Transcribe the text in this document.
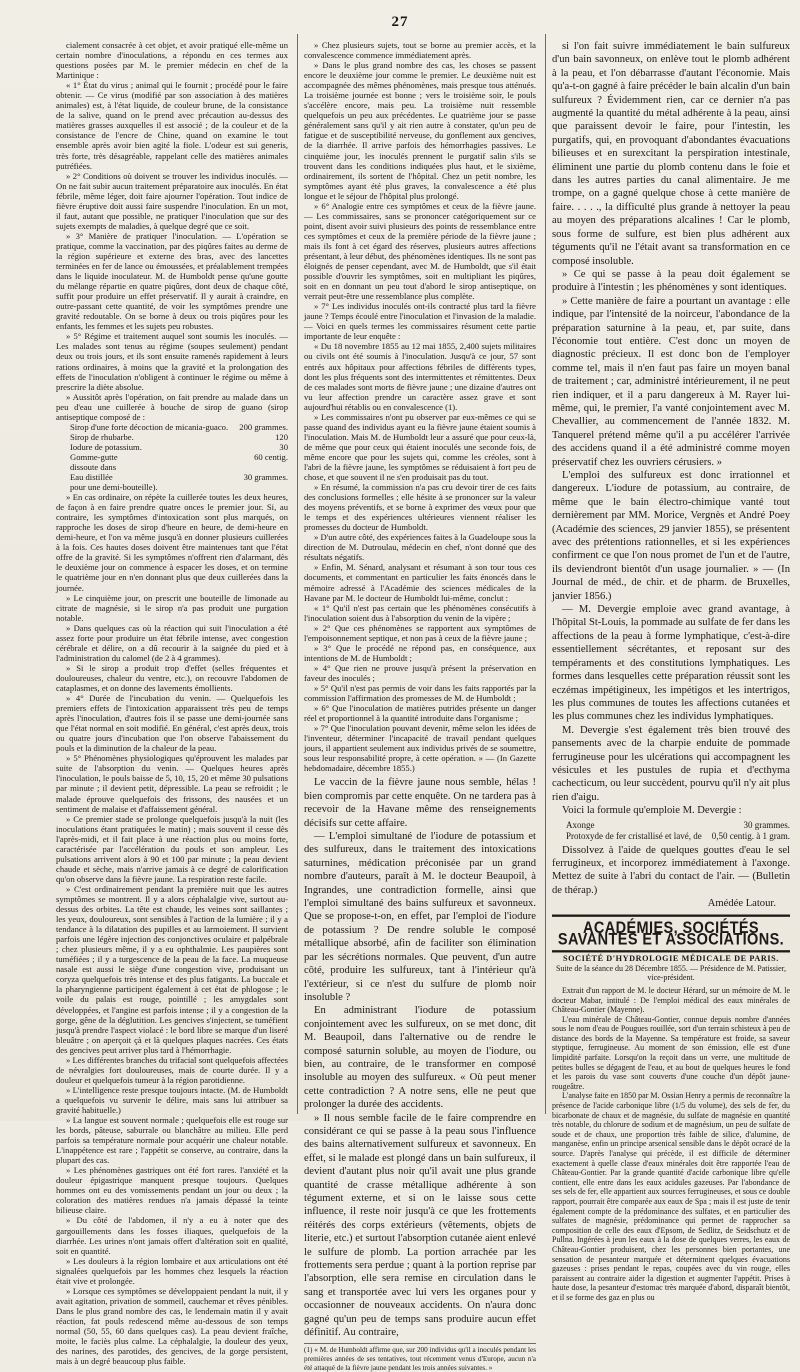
27

cialement consacrée à cet objet, et avoir pratiqué elle-même un certain nombre d'inoculations, a répondu en ces termes aux questions posées par M. le premier médecin en chef de la Martinique :

« 1° État du virus ; animal qui le fournit ; procédé pour le faire obtenir. — Ce virus (modifié par son association à des matières animales) est, à l'état liquide, de couleur brune, de la consistance de la salive, quand on le prend avec précaution au-dessus des matières grasses auxquelles il est associé ; de la couleur et de la consistance de l'encre de Chine, quand on examine le tout ensemble après avoir bien agité la fiole. L'odeur est sui generis, très forte, très désagréable, rappelant celle des matières animales putréfiées.

» 2° Conditions où doivent se trouver les individus inoculés. — On ne fait subir aucun traitement préparatoire aux inoculés. En état fébrile, même léger, doit faire ajourner l'opération. Tout indice de fièvre éruptive doit aussi faire suspendre l'inoculation. En un mot, il faut, autant que possible, ne pratiquer l'inoculation que sur des sujets exempts de maladies, à quelque degré que ce soit.

» 3° Manière de pratiquer l'inoculation. — L'opération se pratique, comme la vaccination, par des piqûres faites au derme de la région supérieure et externe des bras, avec des lancettes terminées en fer de lance ou émoussées, et préalablement trempées dans le liquide inoculateur. M. de Humboldt pense qu'une goutte du mélange répartie en quatre piqûres, dont deux de chaque côté, suffit pour produire un effet préservatif. Il y aurait à craindre, en outre-passant cette quantité, de voir les symptômes prendre une gravité redoutable. On se borne à deux ou trois piqûres pour les enfants, les femmes et les sujets peu robustes.

» 5° Régime et traitement auquel sont soumis les inoculés. — Les malades sont tenus au régime (soupes seulement) pendant deux ou trois jours, et ils sont ensuite ramenés rapidement à leurs rations ordinaires, à moins que la gravité et la prolongation des effets de l'inoculation n'obligent à continuer le régime ou même à prescrire la diète absolue.

» Aussitôt après l'opération, on fait prendre au malade dans un peu d'eau une cuillerée à bouche de sirop de guano (sirop antiseptique composé de :

Sirop d'une forte décoction de micania-guaco.	200 grammes.
Sirop de rhubarbe.	120
Iodure de potassium.	30
Gomme-gutte	60 centig.
dissoute dans	
Eau distillée	30 grammes.
pour une demi-bouteille).	

» En cas ordinaire, on répète la cuillerée toutes les deux heures, de façon à en faire prendre quatre onces le premier jour. Si, au contraire, les symptômes d'intoxication sont plus marqués, on rapproche les doses de sirop d'heure en heure, de demi-heure en demi-heure, et l'on va même jusqu'à en donner plusieurs cuillerées à la fois. Ces hautes doses doivent être maintenues tant que l'état offre de la gravité. Si les symptômes n'offrent rien d'alarmant, dès le deuxième jour on commence à espacer les doses, et on termine le quatrième jour en n'en donnant plus que deux cuillerées dans la journée.

» Le cinquième jour, on prescrit une bouteille de limonade au citrate de magnésie, si le sirop n'a pas produit une purgation notable.

» Dans quelques cas où la réaction qui suit l'inoculation a été assez forte pour produire un état fébrile intense, avec congestion cérébrale et délire, on a dû recourir à la saignée du pied et à l'administration du calomel (de 2 à 4 grammes).

» Si le sirop a produit trop d'effet (selles fréquentes et douloureuses, chaleur du ventre, etc.), on recouvre l'abdomen de cataplasmes, et on donne des lavements émollients.

» 4° Durée de l'incubation du venin. — Quelquefois les premiers effets de l'intoxication apparaissent très peu de temps après l'inoculation, d'autres fois il se passe une demi-journée sans que l'état normal en soit modifié. En général, c'est après deux, trois ou quatre jours d'incubation que l'on observe l'abaissement du pouls et la diminution de la chaleur de la peau.

» 5° Phénomènes physiologiques qu'éprouvent les malades par suite de l'absorption du venin. — Quelques heures après l'inoculation, le pouls baisse de 5, 10, 15, 20 et même 30 pulsations par minute ; il devient petit, dépressible. La peau se refroidit ; le malade éprouve quelquefois des frissons, des nausées et un sentiment de malaise et d'affaissement général.

» Ce premier stade se prolonge quelquefois jusqu'à la nuit (les inoculations étant pratiquées le matin) ; mais souvent il cesse dès l'après-midi, et il fait place à une réaction plus ou moins forte, caractérisée par l'accélération du pouls et son ampleur. Les pulsations arrivent alors à 90 et 100 par minute ; la peau devient chaude et sèche, mais n'arrive jamais à ce degré de calorification qu'on observe dans la fièvre jaune. La respiration reste facile.

» C'est ordinairement pendant la première nuit que les autres symptômes se montrent. Il y a alors céphalalgie vive, surtout au-dessus des orbites. La tête est chaude, les veines sont saillantes ; les yeux, douloureux, sont sensibles à l'action de la lumière ; il y a tendance à la dilatation des pupilles et au larmoiement. Il survient parfois une légère injection des conjonctives oculaire et palpébrale ; chez plusieurs même, il y a eu ophthalmie. Les paupières sont tuméfiées ; il y a turgescence de la peau de la face. La muqueuse nasale est aussi le siège d'une congestion vive, produisant un coryza quelquefois très intense et des plus fatigants. La buccale et la pharyngienne participent également à cet état de phlogose ; le voile du palais est rouge, pointillé ; les amygdales sont développées, et l'angine est parfois intense ; il y a congestion de la gorge, gêne de la déglutition. Les gencives s'injectent, se tuméfient jusqu'à prendre l'aspect violacé : le bord libre se marque d'un liseré bleuâtre ; on aperçoit çà et là quelques plaques nacrées. Ces états des gencives peut arriver plus tard à l'hémorrhagie.

» Les différentes branches du trifacial sont quelquefois affectées de névralgies fort douloureuses, mais de courte durée. Il y a douleur et quelquefois tumeur à la région parotidienne.

» L'intelligence reste presque toujours intacte. (M. de Humboldt a quelquefois vu survenir le délire, mais sans lui attribuer sa gravité habituelle.)

» La langue est souvent normale ; quelquefois elle est rouge sur les bords, pâteuse, saburrale ou blanchâtre au milieu. Elle perd parfois sa température normale pour acquérir une chaleur notable. L'inappétence est rare ; l'appétit se conserve, au contraire, dans la plupart des cas.

» Les phénomènes gastriques ont été fort rares. l'anxiété et la douleur épigastrique manquent presque toujours. Quelques hommes ont eu des vomissements pendant un jour ou deux ; la coloration des matières rendues n'a jamais dépassé la teinte bilieuse claire.

» Du côté de l'abdomen, il n'y a eu à noter que des gargouillements dans les fosses iliaques, quelquefois de la diarrhée. Les urines n'ont jamais offert d'altération soit en qualité, soit en quantité.

» Les douleurs à la région lombaire et aux articulations ont été signalées quelquefois par les hommes chez lesquels la réaction était vive et prolongée.

» Lorsque ces symptômes se développaient pendant la nuit, il y avait agitation, privation de sommeil, cauchemar et rêves pénibles. Dans le plus grand nombre des cas, le lendemain matin il y avait réaction, fat pouls redescend même au-dessous de son temps normal (50, 55, 60 dans quelques cas). La peau devient fraîche, moite, le faciès plus calme. La céphalalgie, la douleur des yeux, des narines, des parotides, des gencives, de la gorge persistent, mais à un degré beaucoup plus faible.

» Chez plusieurs sujets, tout se borne au premier accès, et la convalescence commence immédiatement après.

» Dans le plus grand nombre des cas, les choses se passent encore le deuxième jour comme le premier. Le deuxième nuit est accompagnée des mêmes phénomènes, mais presque tous atténués. La troisième journée est bonne ; vers le troisième soir, le pouls s'accélère encore, mais peu. La troisième nuit ressemble quelquefois un peu aux précédentes. Le quatrième jour se passe généralement sans qu'il y ait rien autre à constater, qu'un peu de fatigue et de susceptibilité nerveuse, du gonflement aux gencives, de la diarrhée. Il arrive parfois des hémorrhagies passives. Le cinquième jour, les inoculés prennent le purgatif salin s'ils se trouvent dans les conditions indiquées plus haut, et le sixième, ordinairement, ils sortent de l'hôpital. Chez un petit nombre, les symptômes ayant été plus graves, la convalescence a été plus longue et le séjour de l'hôpital plus prolongé.

» 6° Analogie entre ces symptômes et ceux de la fièvre jaune. — Les commissaires, sans se prononcer catégoriquement sur ce point, disent avoir suivi plusieurs des points de ressemblance entre ces symptômes et ceux de la première période de la fièvre jaune ; mais ils font à cet égard des réserves, plusieurs autres affections présentant, à leur début, des phénomènes identiques. Ils ne sont pas éloignés de penser cependant, avec M. de Humboldt, que s'il était possible d'ouvrir les symptômes, soit en multipliant les piqûres, soit en en donnant un peu tout d'abord le sirop antiseptique, on verrait peut-être une ressemblance plus complète.

» 7° Les individus inoculés ont-ils contracté plus tard la fièvre jaune ? Temps écoulé entre l'inoculation et l'invasion de la maladie. — Voici en quels termes les commissaires résument cette partie importante de leur enquête :

« Du 18 novembre 1855 au 12 mai 1855, 2,400 sujets militaires ou civils ont été soumis à l'inoculation. Jusqu'à ce jour, 57 sont entrés aux hôpitaux pour affections fébriles de différents types, dont les plus fréquents sont des intermittentes et rémittentes. Deux de ces malades sont morts de fièvre jaune ; une dizaine d'autres ont vu leur affection prendre un caractère assez grave et sont aujourd'hui rétablis ou en convalescence (1).

» Les commissaires n'ont pu observer par eux-mêmes ce qui se passe quand des individus ayant eu la fièvre jaune étaient soumis à l'inoculation. Mais M. de Humboldt leur a assuré que pour ceux-là, de même que pour ceux qui étaient inoculés une seconde fois, de même encore que pour les sujets qui, comme les créoles, sont à l'abri de la fièvre jaune, les symptômes se réduisaient à fort peu de chose, et que souvent il ne s'en produisait pas du tout.

» En résumé, la commission n'a pas cru devoir tirer de ces faits des conclusions formelles ; elle hésite à se prononcer sur la valeur des moyens préventifs, et se borne à exprimer des vœux pour que le temps et des expériences ultérieures viennent réaliser les promesses du docteur de Humboldt.

» D'un autre côté, des expériences faites à la Guadeloupe sous la direction de M. Dutroulau, médecin en chef, n'ont donné que des résultats négatifs.

» Enfin, M. Sénard, analysant et résumant à son tour tous ces documents, et commentant en particulier les faits énoncés dans le mémoire adressé à l'Académie des sciences médicales de la Havane par M. le docteur de Humboldt lui-même, conclut :

« 1° Qu'il n'est pas certain que les phénomènes consécutifs à l'inoculation soient dus à l'absorption du venin de la vipère ;

» 2° Que ces phénomènes se rapportent aux symptômes de l'empoisonnement septique, et non pas à ceux de la fièvre jaune ;

» 3° Que le procédé ne répond pas, en conséquence, aux intentions de M. de Humboldt ;

» 4° Que rien ne prouve jusqu'à présent la préservation en faveur des inoculés ;

» 5° Qu'il n'est pas permis de voir dans les faits rapportés par la commission l'affirmation des promesses de M. de Humboldt ;

» 6° Que l'inoculation de matières putrides présente un danger réel et proportionnel à la quantité introduite dans l'organisme ;

» 7° Que l'inoculation pouvant devenir, même selon les idées de l'inventeur, déterminer l'incapacité de travail pendant quelques jours, il appartient seulement aux individus privés de se soumettre, sous leur responsabilité propre, à cette opération. » — (In Gazette hebdomadaire, décembre 1855.)

Le vaccin de la fièvre jaune nous semble, hélas ! bien compromis par cette enquête. On ne tardera pas à recevoir de la Havane même des renseignements décisifs sur cette affaire.

— L'emploi simultané de l'iodure de potassium et des sulfureux, dans le traitement des intoxications saturnines, médication préconisée par un grand nombre d'auteurs, paraît à M. le docteur Beaupoil, à Ingrandes, une contradiction formelle, ainsi que l'emploi simultané des bains sulfureux et savonneux. Que se propose-t-on, en effet, par l'emploi de l'iodure de potassium ? De rendre soluble le composé métallique absorbé, afin de faciliter son élimination par les sécrétions normales. Que peuvent, d'un autre côté, produire les sulfureux, tant à l'intérieur qu'à l'extérieur, si ce n'est du sulfure de plomb noir insoluble ?

En administrant l'iodure de potassium conjointement avec les sulfureux, on se met donc, dit M. Beaupoil, dans l'alternative ou de rendre le composé saturnin soluble, au moyen de l'iodure, ou bien, au contraire, de le transformer en composé insoluble au moyen des sulfureux. « Où peut mener cette contradiction ? A notre sens, elle ne peut que prolonger la durée des accidents.

» Il nous semble facile de le faire comprendre en considérant ce qui se passe à la peau sous l'influence des bains alternativement sulfureux et savonneux. En effet, si le malade est plongé dans un bain sulfureux, il devient d'autant plus noir qu'il avait une plus grande quantité de crasse métallique adhérente à son tégument externe, et si on le laisse sous cette influence, il reste noir jusqu'à ce que les frottements réitérés des corps extérieurs (vêtements, objets de literie, etc.) et surtout l'absorption cutanée aient enlevé le sulfure de plomb. La portion arrachée par les frottements sera perdue ; quant à la portion reprise par l'absorption, elle sera remise en circulation dans le sang et transportée avec lui vers les organes pour y occasionner de nouveaux accidents. On n'aura donc gagné qu'un peu de temps sans produire aucun effet définitif. Au contraire,

(1) « M. de Humboldt affirme que, sur 200 individus qu'il a inoculés pendant les premières années de ses tentatives, tout récemment venus d'Europe, aucun n'a été attaqué de la fièvre jaune pendant les trois années suivantes. »

si l'on fait suivre immédiatement le bain sulfureux d'un bain savonneux, on enlève tout le plomb adhérent à la peau, et l'on débarrasse d'autant l'économie. Mais qu'a-t-on gagné à faire précéder le bain alcalin d'un bain sulfureux ? Évidemment rien, car ce dernier n'a pas augmenté la quantité du métal adhérente à la peau, ainsi que paraissent devoir le faire, pour l'intestin, les purgatifs, qui, en provoquant d'abondantes évacuations bilieuses et en surexcitant la perspiration intestinale, éliminent une partie du plomb contenu dans le foie et dans les autres parties du canal alimentaire. Je me trompe, on a gagné quelque chose à cette manière de faire. . . . ., la difficulté plus grande à nettoyer la peau au moyen des préparations alcalines ! Car le plomb, sous forme de sulfure, est bien plus adhérent aux téguments qu'il ne l'était avant sa transformation en ce composé insoluble.

» Ce qui se passe à la peau doit également se produire à l'intestin ; les phénomènes y sont identiques.

» Cette manière de faire a pourtant un avantage : elle indique, par l'intensité de la noirceur, l'abondance de la préparation saturnine à la peau, et, par suite, dans l'économie tout entière. C'est donc un moyen de diagnostic précieux. Il est donc bon de l'employer comme tel, mais il n'en faut pas faire un moyen banal de traitement ; car, administré intérieurement, il ne peut rien indiquer, et il a paru dangereux à M. Rayer lui-même, qui, le premier, l'a vanté conjointement avec M. Chevallier, au commencement de l'année 1832. M. Tanquerel prétend même qu'il a pu accélérer l'arrivée des accidens quand il a été administré comme moyen préservatif chez les ouvriers cérusiers. »

L'emploi des sulfureux est donc irrationnel et dangereux. L'iodure de potassium, au contraire, de même que le bain électro-chimique vanté tout dernièrement par MM. Morice, Vergnès et André Poey (Académie des sciences, 29 janvier 1855), se présentent avec des prétentions rationnelles, et si les expériences confirment ce que l'on nous promet de l'un et de l'autre, ils deviendront bientôt d'un usage journalier. » — (In Journal de méd., de chir. et de pharm. de Bruxelles, janvier 1856.)

— M. Devergie emploie avec grand avantage, à l'hôpital St-Louis, la pommade au sulfate de fer dans les affections de la peau à forme lymphatique, c'est-à-dire essentiellement sécrétantes, et reposant sur des tempéraments et des constitutions lymphatiques. Les formes dans lesquelles cette préparation réussit sont les eczémas impétigineux, les impétigos et les intertrigos, les plus communes de toutes les affections cutanées et les plus communes chez les individus lymphatiques.

M. Devergie s'est également très bien trouvé des pansements avec de la charpie enduite de pommade ferrugineuse pour les ulcérations qui accompagnent les vésicules et les pustules de rupia et d'ecthyma cachecticum, ou leur succèdent, pourvu qu'il n'y ait plus rien d'aigu.

Voici la formule qu'emploie M. Devergie :

Axonge	30 grammes.
Protoxyde de fer cristallisé et lavé, de	0,50 centig. à 1 gram.

Dissolvez à l'aide de quelques gouttes d'eau le sel ferrugineux, et incorporez immédiatement à l'axonge. Mettez de suite à l'abri du contact de l'air. — (Bulletin de thérap.)

Amédée Latour.

ACADÉMIES, SOCIÉTÉS SAVANTES ET ASSOCIATIONS.

SOCIÉTÉ D'HYDROLOGIE MÉDICALE DE PARIS.

Suite de la séance du 28 Décembre 1855. — Présidence de M. Patissier, vice-président.

Extrait d'un rapport de M. le docteur Hérard, sur un mémoire de M. le docteur Mabar, intitulé : De l'emploi médical des eaux minérales de Château-Gontier (Mayenne).

L'eau minérale de Château-Gontier, connue depuis nombre d'années sous le nom d'eau de Pougues rouillée, sort d'un terrain schisteux à peu de distance des bords de la Mayenne. Sa température est froide, sa saveur styptique, ferrugineuse. Au moment de son émission, elle est d'une limpidité parfaite. Lorsqu'on la reçoit dans un verre, une multitude de petites bulles se dégagent de l'eau, et au bout de quelques heures le fond et les parois du vase sont couverts d'une couche d'un dépôt jaune-rougeâtre.

L'analyse faite en 1850 par M. Ossian Henry a permis de reconnaître la présence de l'acide carbonique libre (1/5 du volume), des sels de fer, du bicarbonate de chaux et de magnésie, du sulfate de magnésie en quantité très notable, du chlorure de sodium et de magnésium, un peu de sulfate de soude et de chaux, une proportion très faible de silice, d'alumine, de manganèse, enfin un principe arsenical sensible dans le dépôt ocracé de la source. D'après l'analyse qui précède, il est difficile de déterminer exactement à quelle classe d'eaux minérales doit être rapportée l'eau de Château-Gontier. Par la grande quantité d'acide carbonique libre qu'elle contient, elle entre dans les eaux acidules gazeuses. Par l'abondance de ses sels de fer, elle appartient aux sources ferrugineuses, et sous ce double rapport, pourrait être comparée aux eaux de Spa ; mais il est juste de tenir également compte de la prédominance des sulfates, et en particulier des sulfates de magnésie, prédominance qui permet de rapprocher sa composition de celle des eaux d'Epsom, de Sedlitz, de Seidschutz et de Pullna. Ingérées à jeun les eaux à la dose de quelques verres, les eaux de Château-Gontier produisent, chez les personnes bien portantes, une sensation de pesanteur marquée et déterminent quelques évacuations gazeuses : prises pendant le repas, coupées avec du vin rouge, elles paraissent au contraire aider la digestion et augmenter l'appétit. Prises à haute dose, la pesanteur d'estomac très marquée d'abord, disparaît bientôt, et il se forme des gaz en plus ou
